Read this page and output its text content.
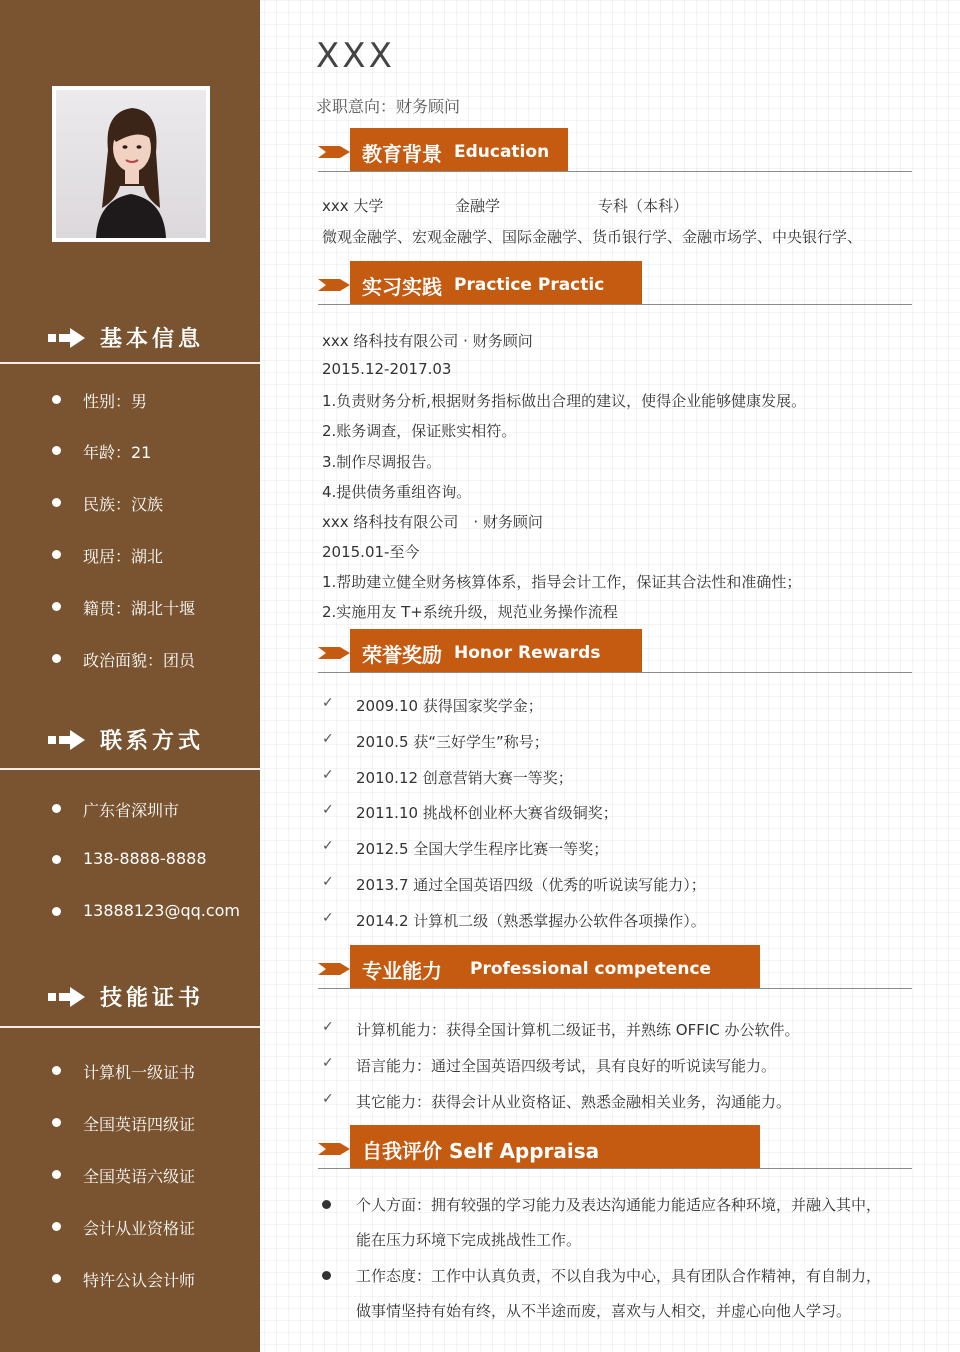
基本信息
性别：男
年龄：21
民族：汉族
现居：湖北
籍贯：湖北十堰
政治面貌：团员
联系方式
广东省深圳市
138-8888-8888
13888123@qq.com
技能证书
计算机一级证书
全国英语四级证
全国英语六级证
会计从业资格证
特许公认会计师
XXX
求职意向：财务顾问
教育背景 Education
xxx 大学	金融学	专科（本科）
微观金融学、宏观金融学、国际金融学、货币银行学、金融市场学、中央银行学、
实习实践 Practice Practic
xxx 络科技有限公司 · 财务顾问
2015.12-2017.03
1.负责财务分析,根据财务指标做出合理的建议，使得企业能够健康发展。
2.账务调查，保证账实相符。
3.制作尽调报告。
4.提供债务重组咨询。
xxx 络科技有限公司　· 财务顾问
2015.01-至今
1.帮助建立健全财务核算体系，指导会计工作，保证其合法性和准确性；
2.实施用友 T+系统升级，规范业务操作流程
荣誉奖励 Honor Rewards
✓ 2009.10 获得国家奖学金；
✓ 2010.5 获“三好学生”称号；
✓ 2010.12 创意营销大赛一等奖；
✓ 2011.10 挑战杯创业杯大赛省级铜奖；
✓ 2012.5 全国大学生程序比赛一等奖；
✓ 2013.7 通过全国英语四级（优秀的听说读写能力）；
✓ 2014.2 计算机二级（熟悉掌握办公软件各项操作）。
专业能力 Professional competence
✓ 计算机能力：获得全国计算机二级证书，并熟练 OFFIC 办公软件。
✓ 语言能力：通过全国英语四级考试，具有良好的听说读写能力。
✓ 其它能力：获得会计从业资格证、熟悉金融相关业务，沟通能力。
自我评价 Self Appraisa
个人方面：拥有较强的学习能力及表达沟通能力能适应各种环境，并融入其中，
能在压力环境下完成挑战性工作。
工作态度：工作中认真负责，不以自我为中心，具有团队合作精神，有自制力，
做事情坚持有始有终，从不半途而废，喜欢与人相交，并虚心向他人学习。
